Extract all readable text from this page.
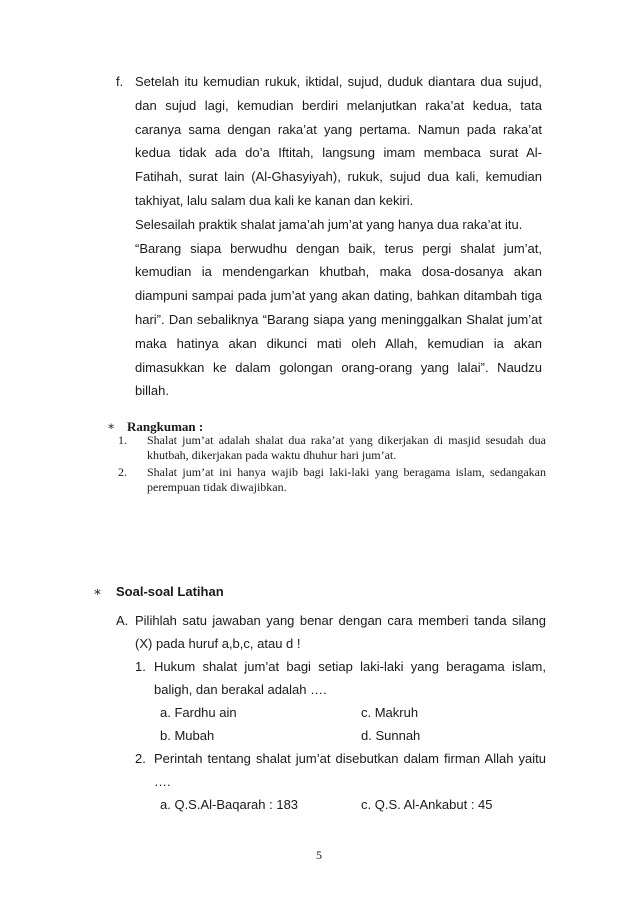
f. Setelah itu kemudian rukuk, iktidal, sujud, duduk diantara dua sujud, dan sujud lagi, kemudian berdiri melanjutkan raka’at kedua, tata caranya sama dengan raka’at yang pertama. Namun pada raka’at kedua tidak ada do’a Iftitah, langsung imam membaca surat Al-Fatihah, surat lain (Al-Ghasyiyah), rukuk, sujud dua kali, kemudian takhiyat, lalu salam dua kali ke kanan dan kekiri.

Selesailah praktik shalat jama’ah jum’at yang hanya dua raka’at itu.

“Barang siapa berwudhu dengan baik, terus pergi shalat jum’at, kemudian ia mendengarkan khutbah, maka dosa-dosanya akan diampuni sampai pada jum’at yang akan dating, bahkan ditambah tiga hari”. Dan sebaliknya “Barang siapa yang meninggalkan Shalat jum’at maka hatinya akan dikunci mati oleh Allah, kemudian ia akan dimasukkan ke dalam golongan orang-orang yang lalai”. Naudzu billah.

∗ Rangkuman :
1.	Shalat jum’at adalah shalat dua raka’at yang dikerjakan di masjid sesudah dua khutbah, dikerjakan pada waktu dhuhur hari jum’at.
2.	Shalat jum’at ini hanya wajib bagi laki-laki yang beragama islam, sedangakan perempuan tidak diwajibkan.
∗ Soal-soal Latihan
A. Pilihlah satu jawaban yang benar dengan cara memberi tanda silang (X) pada huruf a,b,c, atau d !
1. Hukum shalat jum’at bagi setiap laki-laki yang beragama islam, baligh, dan berakal adalah ….
a. Fardhu ain	c. Makruh
b. Mubah	d. Sunnah
2. Perintah tentang shalat jum’at disebutkan dalam firman Allah yaitu ….
a. Q.S.Al-Baqarah : 183	c. Q.S. Al-Ankabut : 45
5
